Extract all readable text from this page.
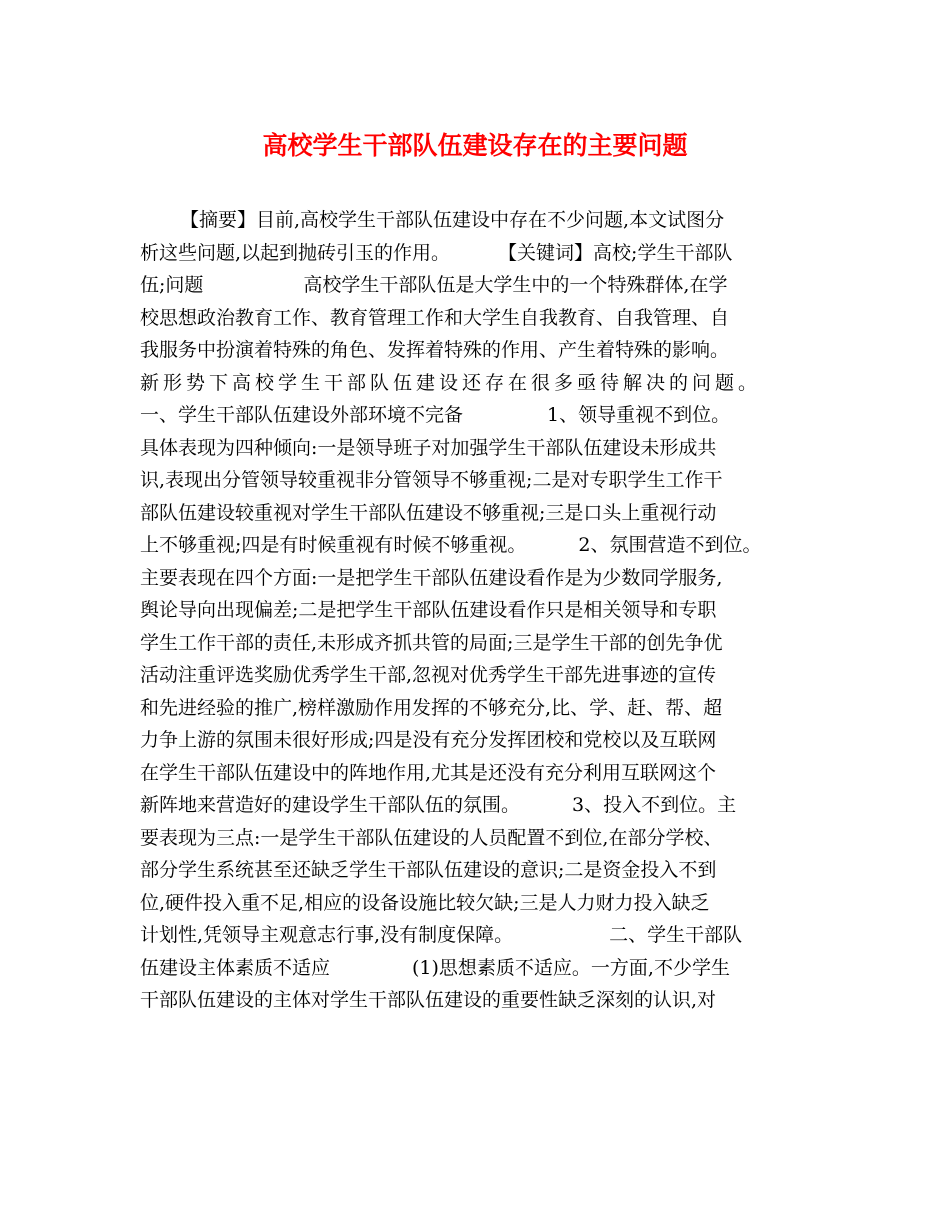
高校学生干部队伍建设存在的主要问题
【摘要】目前,高校学生干部队伍建设中存在不少问题,本文试图分
析这些问题,以起到抛砖引玉的作用。	【关键词】高校;学生干部队
伍;问题	高校学生干部队伍是大学生中的一个特殊群体,在学
校思想政治教育工作、教育管理工作和大学生自我教育、自我管理、自
我服务中扮演着特殊的角色、发挥着特殊的作用、产生着特殊的影响。
新形势下高校学生干部队伍建设还存在很多亟待解决的问题。
一、学生干部队伍建设外部环境不完备	1、领导重视不到位。
具体表现为四种倾向:一是领导班子对加强学生干部队伍建设未形成共
识,表现出分管领导较重视非分管领导不够重视;二是对专职学生工作干
部队伍建设较重视对学生干部队伍建设不够重视;三是口头上重视行动
上不够重视;四是有时候重视有时候不够重视。	2、氛围营造不到位。
主要表现在四个方面:一是把学生干部队伍建设看作是为少数同学服务,
舆论导向出现偏差;二是把学生干部队伍建设看作只是相关领导和专职
学生工作干部的责任,未形成齐抓共管的局面;三是学生干部的创先争优
活动注重评选奖励优秀学生干部,忽视对优秀学生干部先进事迹的宣传
和先进经验的推广,榜样激励作用发挥的不够充分,比、学、赶、帮、超
力争上游的氛围未很好形成;四是没有充分发挥团校和党校以及互联网
在学生干部队伍建设中的阵地作用,尤其是还没有充分利用互联网这个
新阵地来营造好的建设学生干部队伍的氛围。	3、投入不到位。主
要表现为三点:一是学生干部队伍建设的人员配置不到位,在部分学校、
部分学生系统甚至还缺乏学生干部队伍建设的意识;二是资金投入不到
位,硬件投入重不足,相应的设备设施比较欠缺;三是人力财力投入缺乏
计划性,凭领导主观意志行事,没有制度保障。	二、学生干部队
伍建设主体素质不适应	(1)思想素质不适应。一方面,不少学生
干部队伍建设的主体对学生干部队伍建设的重要性缺乏深刻的认识,对
